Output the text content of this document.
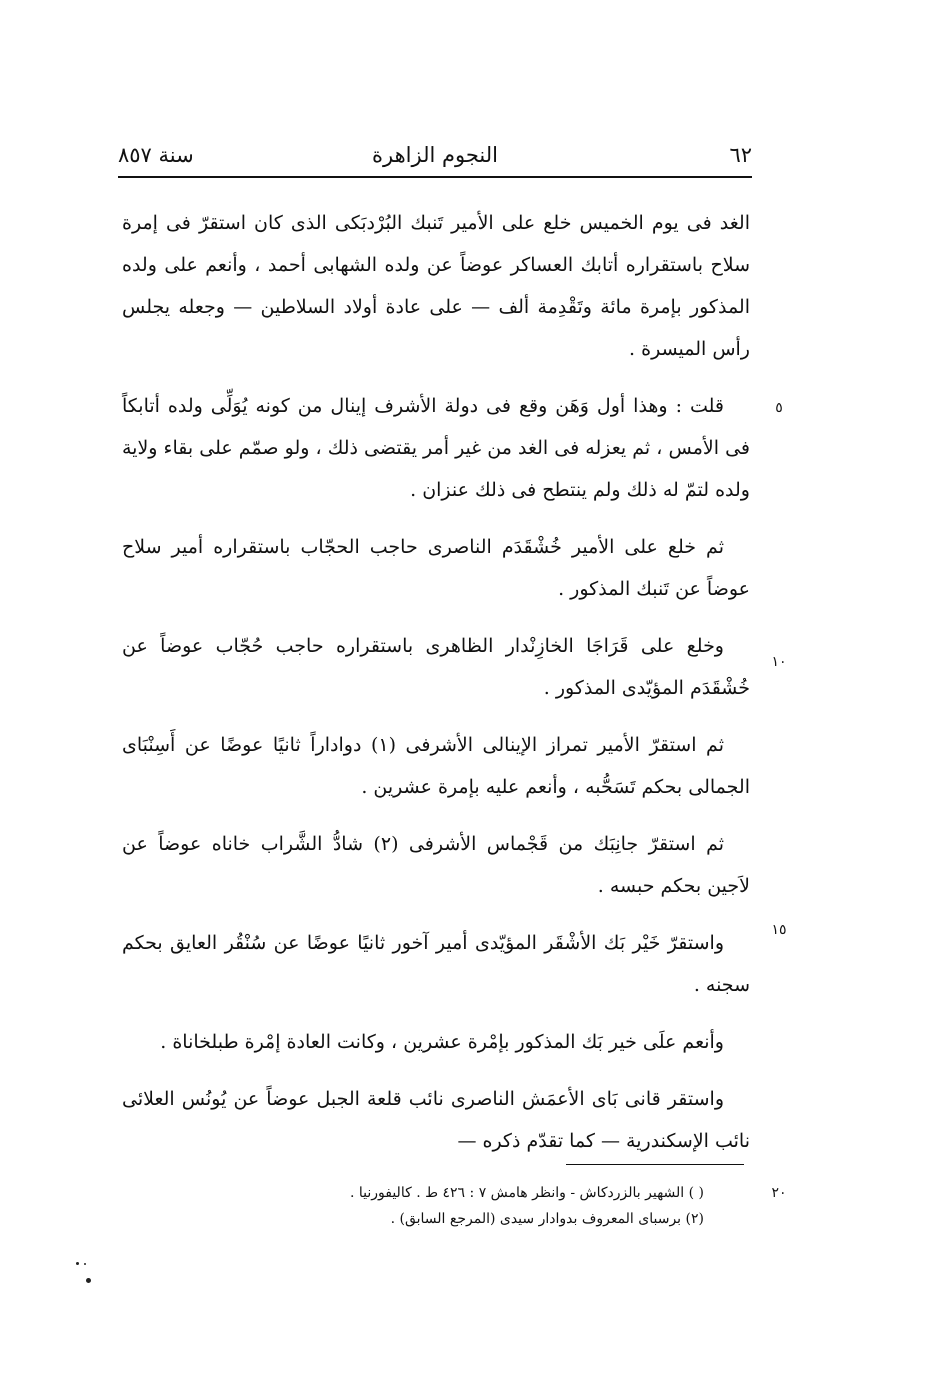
٦٢
النجوم الزاهرة
سنة ٨٥٧

الغد فى يوم الخميس خلع على الأمير تَنبك البُرْدبَكى الذى كان استقرّ فى إمرة سلاح باستقراره أتابك العساكر عوضاً عن ولده الشهابى أحمد ، وأنعم على ولده المذكور بإمرة مائة وتَقْدِمة ألف — على عادة أولاد السلاطين — وجعله يجلس رأس الميسرة .

قلت : وهذا أول وَهَن وقع فى دولة الأشرف إينال من كونه يُوَلِّى ولده أتابكاً فى الأمس ، ثم يعزله فى الغد من غير أمر يقتضى ذلك ، ولو صمّم على بقاء ولاية ولده لتمّ له ذلك ولم ينتطح فى ذلك عنزان .

ثم خلع على الأمير خُشْقَدَم الناصرى حاجب الحجّاب باستقراره أمير سلاح عوضاً عن تَنبك المذكور .

وخلع على قَرَاجَا الخازِنْدار الظاهرى باستقراره حاجب حُجّاب عوضاً عن خُشْقَدَم المؤيّدى المذكور .

ثم استقرّ الأمير تمراز الإينالى الأشرفى (١) دواداراً ثانيًا عوضًا عن أَسِنْبَاى الجمالى بحكم تَسَحُّبه ، وأنعم عليه بإمرة عشرين .

ثم استقرّ جانِبَك من قَجْماس الأشرفى (٢) شادُّ الشَّراب خاناه عوضاً عن لاَجين بحكم حبسه .

واستقرّ خَيْر بَك الأشْقَر المؤيّدى أمير آخور ثانيًا عوضًا عن سُنْقُر العايق بحكم سجنه .

وأنعم علَى خير بَك المذكور بإمْرة عشرين ، وكانت العادة إمْرة طبلخاناة .

واستقر قانى بَاى الأعمَش الناصرى نائب قلعة الجبل عوضاً عن يُونُس العلائى نائب الإسكندرية — كما تقدّم ذكره —

٥
١٠
١٥
٢٠

( ) الشهير بالزردكاش - وانظر هامش ٧ : ٤٢٦ ط . كاليفورنيا .

(٢) برسباى المعروف بدوادار سيدى (المرجع السابق) .
